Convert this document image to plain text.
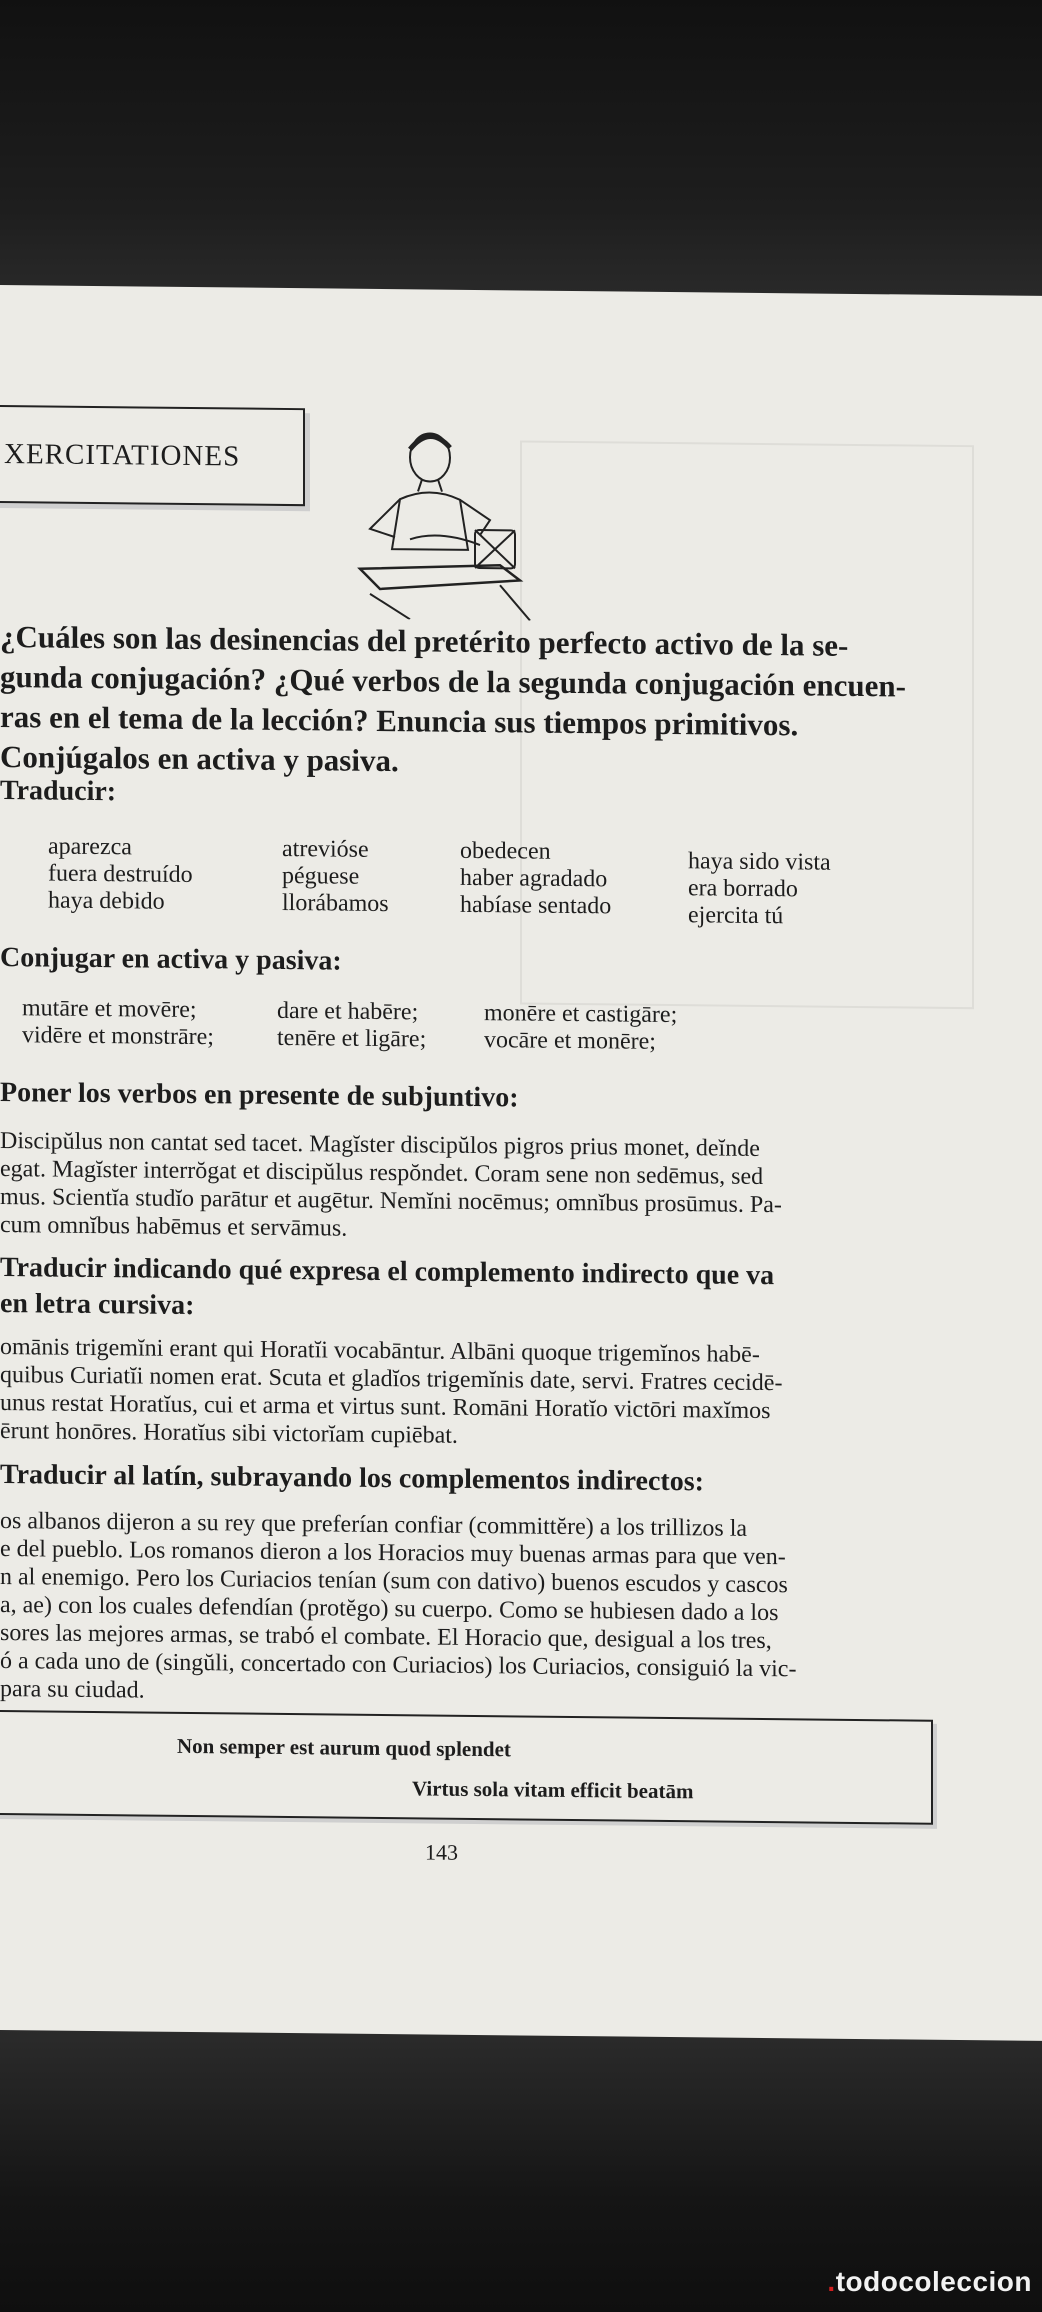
XERCITATIONES

¿Cuáles son las desinencias del pretérito perfecto activo de la se-

gunda conjugación? ¿Qué verbos de la segunda conjugación encuen-

ras en el tema de la lección? Enuncia sus tiempos primitivos.

Conjúgalos en activa y pasiva.

Traducir:

aparezca
fuera destruído
haya debido
atrevióse
péguese
llorábamos
obedecen
haber agradado
habíase sentado
haya sido vista
era borrado
ejercita tú

Conjugar en activa y pasiva:

mutāre et movēre;
vidēre et monstrāre;
dare et habēre;
tenēre et ligāre;
monēre et castigāre;
vocāre et monēre;

Poner los verbos en presente de subjuntivo:

Discipŭlus non cantat sed tacet. Magĭster discipŭlos pigros prius monet, deĭnde

egat. Magĭster interrŏgat et discipŭlus respŏndet. Coram sene non sedēmus, sed

mus. Scientĭa studĭo parātur et augētur. Nemĭni nocēmus; omnĭbus prosūmus. Pa-

cum omnĭbus habēmus et servāmus.

Traducir indicando qué expresa el complemento indirecto que va

en letra cursiva:

omānis trigemĭni erant qui Horatĭi vocabāntur. Albāni quoque trigemĭnos habē-

quibus Curiatĭi nomen erat. Scuta et gladĭos trigemĭnis date, servi. Fratres cecidē-

unus restat Horatĭus, cui et arma et virtus sunt. Romāni Horatĭo victōri maxĭmos

ērunt honōres. Horatĭus sibi victorĭam cupiēbat.

Traducir al latín, subrayando los complementos indirectos:

os albanos dijeron a su rey que preferían confiar (committĕre) a los trillizos la

e del pueblo. Los romanos dieron a los Horacios muy buenas armas para que ven-

n al enemigo. Pero los Curiacios tenían (sum con dativo) buenos escudos y cascos

a, ae) con los cuales defendían (protĕgo) su cuerpo. Como se hubiesen dado a los

sores las mejores armas, se trabó el combate. El Horacio que, desigual a los tres,

ó a cada uno de (singŭli, concertado con Curiacios) los Curiacios, consiguió la vic-

para su ciudad.

Non semper est aurum quod splendet
Virtus sola vitam efficit beatām
143
.todocoleccion
